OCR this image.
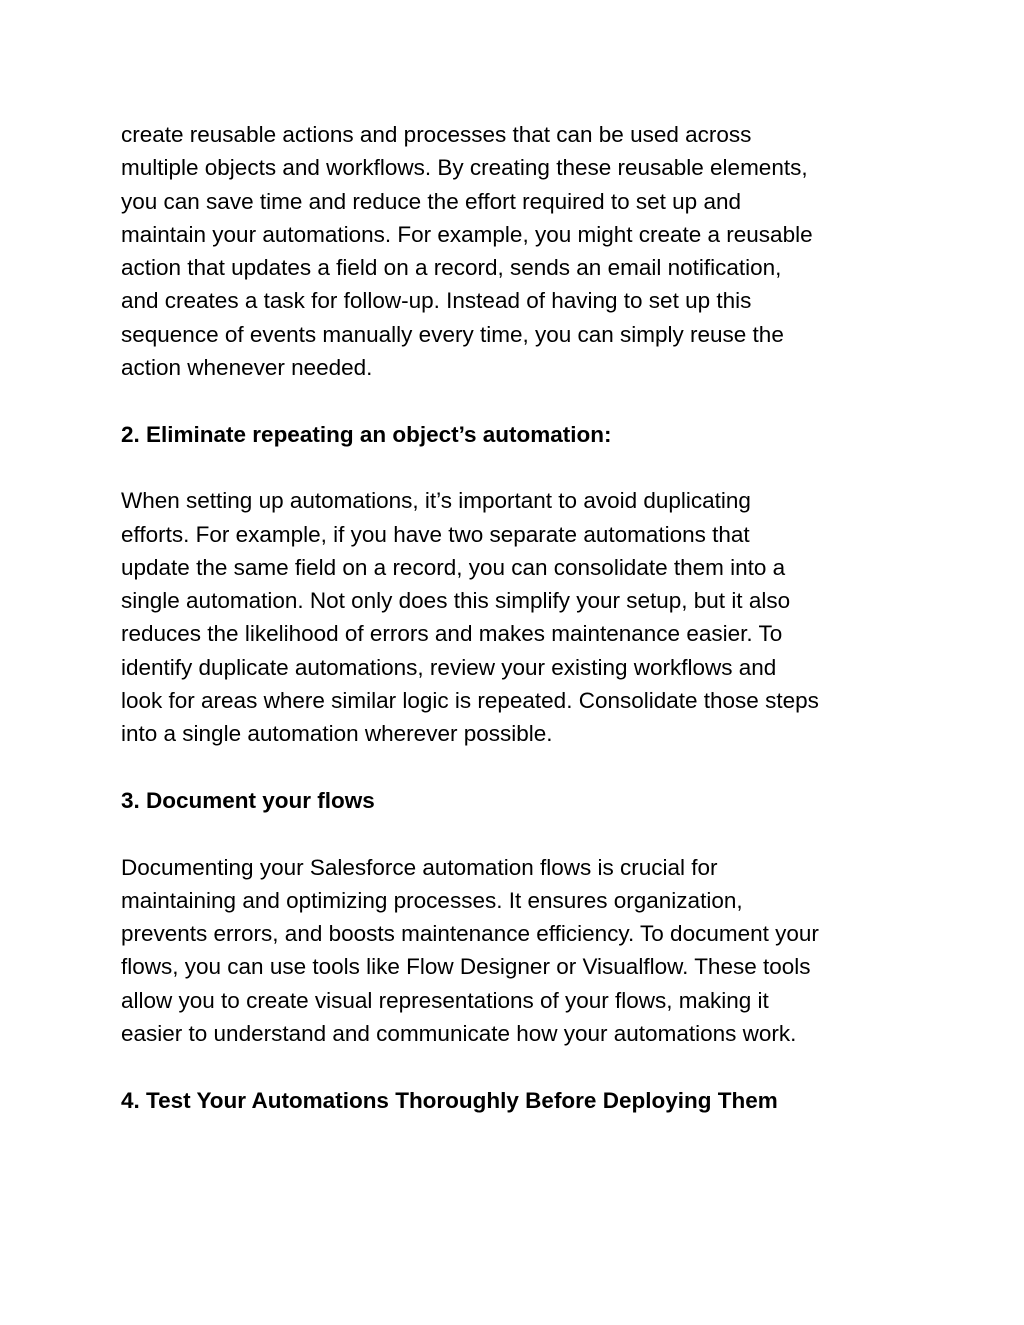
create reusable actions and processes that can be used across
multiple objects and workflows. By creating these reusable elements,
you can save time and reduce the effort required to set up and
maintain your automations. For example, you might create a reusable
action that updates a field on a record, sends an email notification,
and creates a task for follow-up. Instead of having to set up this
sequence of events manually every time, you can simply reuse the
action whenever needed.

2. Eliminate repeating an object’s automation:

When setting up automations, it’s important to avoid duplicating
efforts. For example, if you have two separate automations that
update the same field on a record, you can consolidate them into a
single automation. Not only does this simplify your setup, but it also
reduces the likelihood of errors and makes maintenance easier. To
identify duplicate automations, review your existing workflows and
look for areas where similar logic is repeated. Consolidate those steps
into a single automation wherever possible.

3. Document your flows

Documenting your Salesforce automation flows is crucial for
maintaining and optimizing processes. It ensures organization,
prevents errors, and boosts maintenance efficiency. To document your
flows, you can use tools like Flow Designer or Visualflow. These tools
allow you to create visual representations of your flows, making it
easier to understand and communicate how your automations work.

4. Test Your Automations Thoroughly Before Deploying Them
